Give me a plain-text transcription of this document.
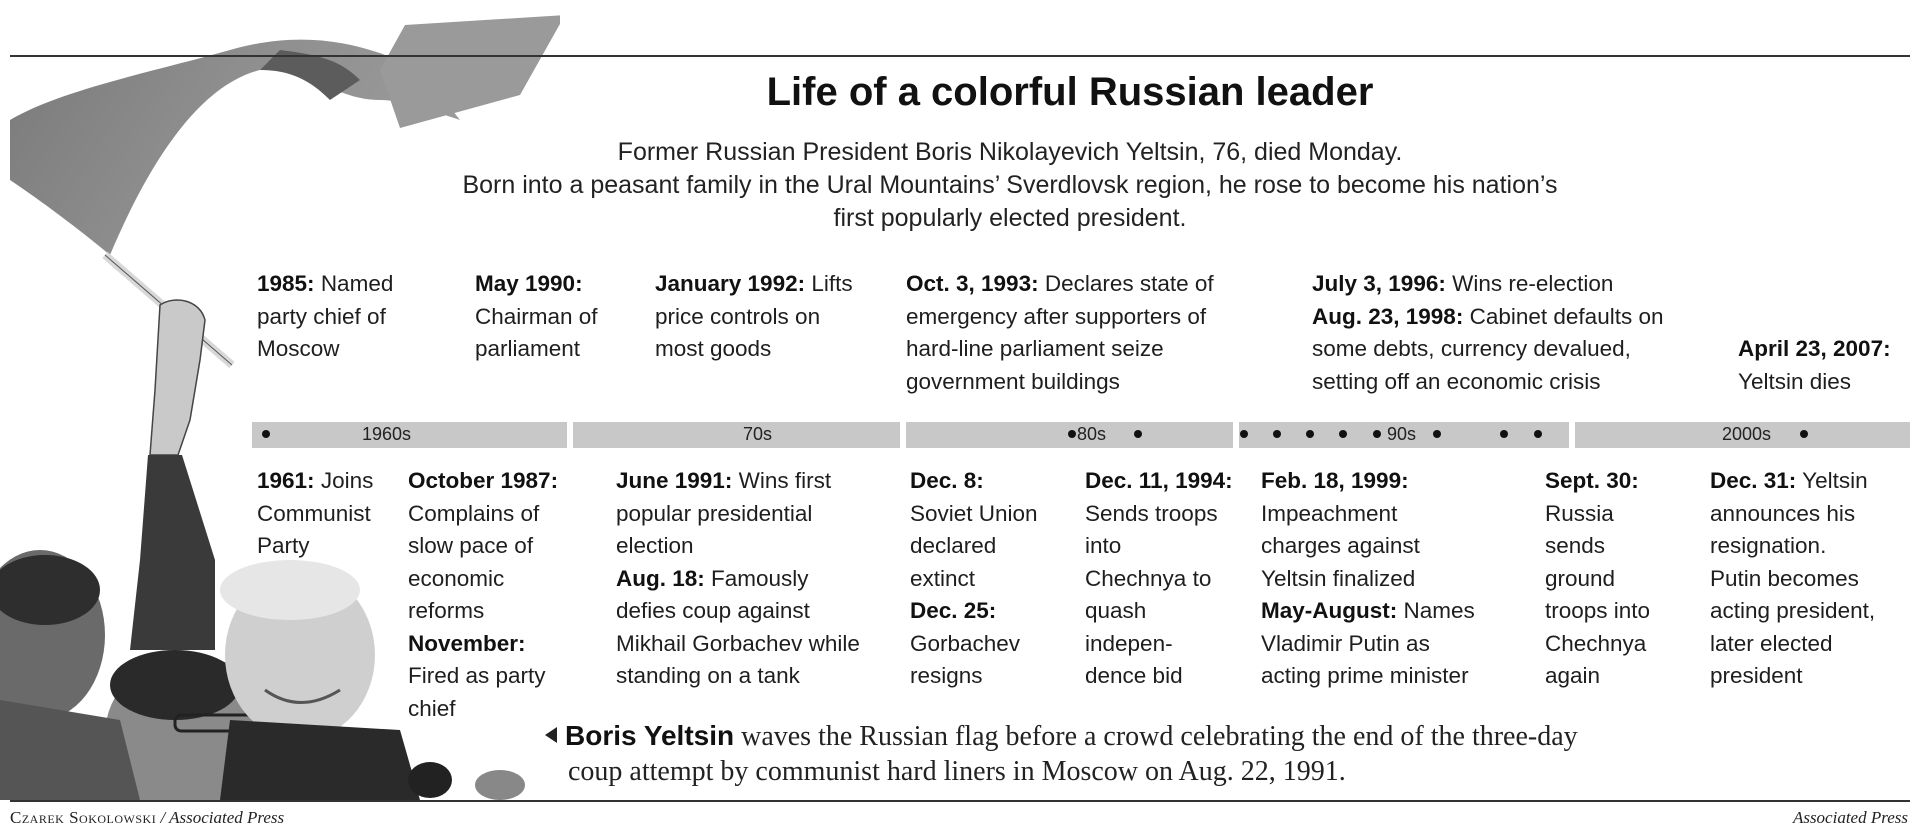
Life of a colorful Russian leader
Former Russian President Boris Nikolayevich Yeltsin, 76, died Monday.
Born into a peasant family in the Ural Mountains’ Sverdlovsk region, he rose to become his nation’s
first popularly elected president.
1985: Named
party chief of
Moscow
May 1990:
Chairman of
parliament
January 1992: Lifts
price controls on
most goods
Oct. 3, 1993: Declares state of
emergency after supporters of
hard-line parliament seize
government buildings
July 3, 1996: Wins re-election
Aug. 23, 1998: Cabinet defaults on
some debts, currency devalued,
setting off an economic crisis
April 23, 2007:
Yeltsin dies
1960s	70s	80s	90s	2000s
1961: Joins
Communist
Party
October 1987:
Complains of
slow pace of
economic
reforms
November:
Fired as party
chief
June 1991: Wins first
popular presidential
election
Aug. 18: Famously
defies coup against
Mikhail Gorbachev while
standing on a tank
Dec. 8:
Soviet Union
declared
extinct
Dec. 25:
Gorbachev
resigns
Dec. 11, 1994:
Sends troops
into
Chechnya to
quash
indepen-
dence bid
Feb. 18, 1999:
Impeachment
charges against
Yeltsin finalized
May-August: Names
Vladimir Putin as
acting prime minister
Sept. 30:
Russia
sends
ground
troops into
Chechnya
again
Dec. 31: Yeltsin
announces his
resignation.
Putin becomes
acting president,
later elected
president
Boris Yeltsin waves the Russian flag before a crowd celebrating the end of the three-day
coup attempt by communist hard liners in Moscow on Aug. 22, 1991.
Czarek Sokolowski / Associated Press	Associated Press
